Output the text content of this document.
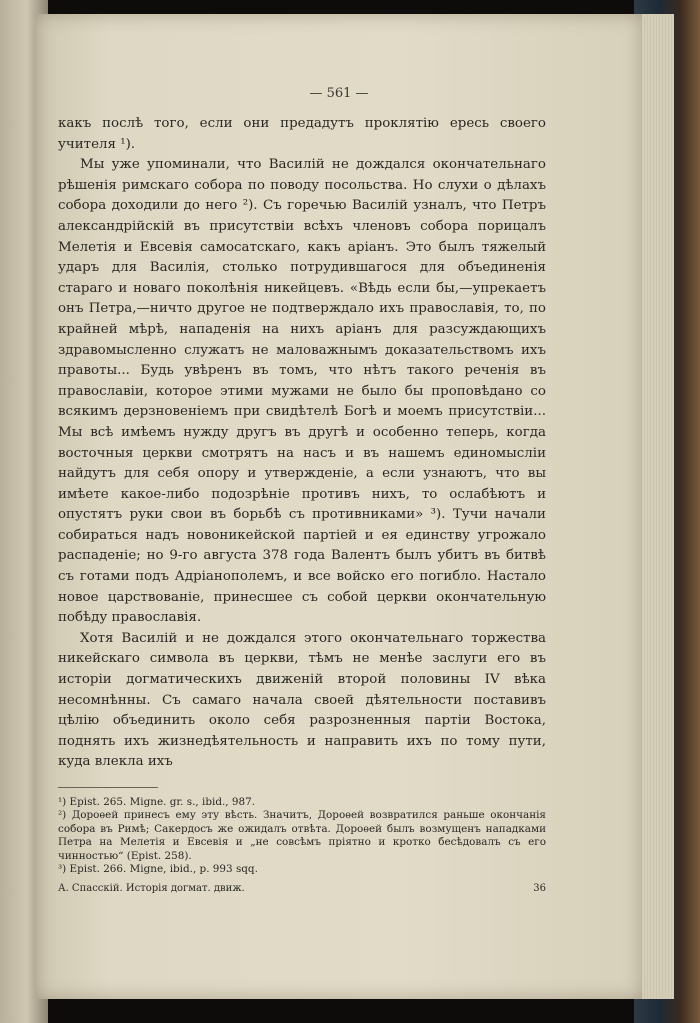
— 561 —

какъ послѣ того, если они предадутъ проклятію ересь своего учителя ¹).

Мы уже упоминали, что Василій не дождался окончательнаго рѣшенія римскаго собора по поводу посольства. Но слухи о дѣлахъ собора доходили до него ²). Съ горечью Василій узналъ, что Петръ александрійскій въ присутствіи всѣхъ членовъ собора порицалъ Мелетія и Евсевія самосатскаго, какъ аріанъ. Это былъ тяжелый ударъ для Василія, столько потрудившагося для объединенія стараго и новаго поколѣнія никейцевъ. «Вѣдь если бы,—упрекаетъ онъ Петра,—ничто другое не подтверждало ихъ православія, то, по крайней мѣрѣ, нападенія на нихъ аріанъ для разсуждающихъ здравомысленно служатъ не маловажнымъ доказательствомъ ихъ правоты... Будь увѣренъ въ томъ, что нѣтъ такого реченія въ православіи, которое этими мужами не было бы проповѣдано со всякимъ дерзновеніемъ при свидѣтелѣ Богѣ и моемъ присутствіи... Мы всѣ имѣемъ нужду другъ въ другѣ и особенно теперь, когда восточныя церкви смотрятъ на насъ и въ нашемъ единомысліи найдутъ для себя опору и утвержденіе, а если узнаютъ, что вы имѣете какое-либо подозрѣніе противъ нихъ, то ослабѣютъ и опустятъ руки свои въ борьбѣ съ противниками» ³). Тучи начали собираться надъ новоникейской партіей и ея единству угрожало распаденіе; но 9-го августа 378 года Валентъ былъ убитъ въ битвѣ съ готами подъ Адріанополемъ, и все войско его погибло. Настало новое царствованіе, принесшее съ собой церкви окончательную побѣду православія.

Хотя Василій и не дождался этого окончательнаго торжества никейскаго символа въ церкви, тѣмъ не менѣе заслуги его въ исторіи догматическихъ движеній второй половины IV вѣка несомнѣнны. Съ самаго начала своей дѣятельности поставивъ цѣлію объединить около себя разрозненныя партіи Востока, поднять ихъ жизнедѣятельность и направить ихъ по тому пути, куда влекла ихъ

¹) Epist. 265. Migne. gr. s., ibid., 987.

²) Дороѳей принесъ ему эту вѣсть. Значитъ, Дороѳей возвратился раньше окончанія собора въ Римѣ; Сакердосъ же ожидалъ отвѣта. Дороѳей былъ возмущенъ нападками Петра на Мелетія и Евсевія и „не совсѣмъ пріятно и кротко бесѣдовалъ съ его чинностью“ (Epist. 258).

³) Epist. 266. Migne, ibid., p. 993 sqq.

А. Спасскій. Исторія догмат. движ.	36
